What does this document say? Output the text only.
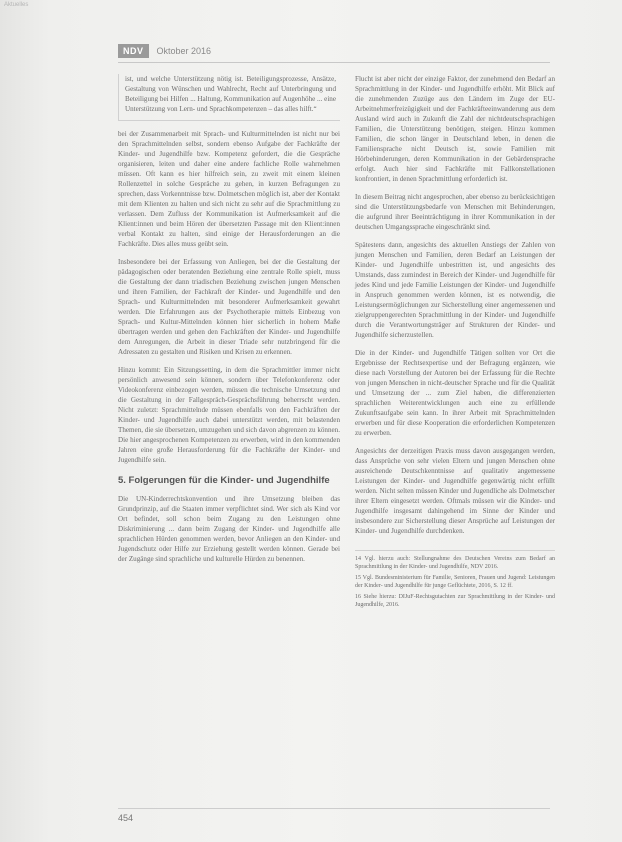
Aktuelles
NDV	Oktober 2016

ist, und welche Unterstützung nötig ist. Beteiligungsprozesse, Ansätze, Gestaltung von Wünschen und Wahlrecht, Recht auf Unterbringung und Beteiligung bei Hilfen ... Haltung, Kommunikation auf Augenhöhe ... eine Unterstützung von Lern- und Sprachkompetenzen – das alles hilft.“

bei der Zusammenarbeit mit Sprach- und Kulturmittelnden ist nicht nur bei den Sprachmittelnden selbst, sondern ebenso Aufgabe der Fachkräfte der Kinder- und Jugendhilfe bzw. Kompetenz gefordert, die die Gespräche organisieren, leiten und daher eine andere fachliche Rolle wahrnehmen müssen. Oft kann es hier hilfreich sein, zu zweit mit einem kleinen Rollenzettel in solche Gespräche zu gehen, in kurzen Befragungen zu sprechen, dass Vorkenntnisse bzw. Dolmetschen möglich ist, aber der Kontakt mit dem Klienten zu halten und sich nicht zu sehr auf die Sprachmittlung zu verlassen. Dem Zufluss der Kommunikation ist Aufmerksamkeit auf die Klient:innen und beim Hören der übersetzten Passage mit den Klient:innen verbal Kontakt zu halten, sind einige der Herausforderungen an die Fachkräfte. Dies alles muss geübt sein.

Insbesondere bei der Erfassung von Anliegen, bei der die Gestaltung der pädagogischen oder beratenden Beziehung eine zentrale Rolle spielt, muss die Gestaltung der dann triadischen Beziehung zwischen jungen Menschen und ihren Familien, der Fachkraft der Kinder- und Jugendhilfe und den Sprach- und Kulturmittelnden mit besonderer Aufmerksamkeit gewahrt werden. Die Erfahrungen aus der Psychotherapie mittels Einbezug von Sprach- und Kultur-Mittelnden können hier sicherlich in hohem Maße übertragen werden und gehen den Fachkräften der Kinder- und Jugendhilfe dem Anregungen, die Arbeit in dieser Triade sehr nutzbringend für die Adressaten zu gestalten und Risiken und Krisen zu erkennen.

Hinzu kommt: Ein Sitzungssetting, in dem die Sprachmittler immer nicht persönlich anwesend sein können, sondern über Telefonkonferenz oder Videokonferenz einbezogen werden, müssen die technische Umsetzung und die Gestaltung in der Fallgespräch-Gesprächsführung beherrscht werden. Nicht zuletzt: Sprachmittelnde müssen ebenfalls von den Fachkräften der Kinder- und Jugendhilfe auch dabei unterstützt werden, mit belastenden Themen, die sie übersetzen, umzugehen und sich davon abgrenzen zu können. Die hier angesprochenen Kompetenzen zu erwerben, wird in den kommenden Jahren eine große Herausforderung für die Fachkräfte der Kinder- und Jugendhilfe sein.

5. Folgerungen für die Kinder- und Jugendhilfe

Die UN-Kinderrechtskonvention und ihre Umsetzung bleiben das Grundprinzip, auf die Staaten immer verpflichtet sind. Wer sich als Kind vor Ort befindet, soll schon beim Zugang zu den Leistungen ohne Diskriminierung ... dann beim Zugang der Kinder- und Jugendhilfe alle sprachlichen Hürden genommen werden, bevor Anliegen an den Kinder- und Jugendschutz oder Hilfe zur Erziehung gestellt werden können. Gerade bei der Zugänge sind sprachliche und kulturelle Hürden zu benennen.

Flucht ist aber nicht der einzige Faktor, der zunehmend den Bedarf an Sprachmittlung in der Kinder- und Jugendhilfe erhöht. Mit Blick auf die zunehmenden Zuzüge aus den Ländern im Zuge der EU-Arbeitnehmerfreizügigkeit und der Fachkräfteeinwanderung aus dem Ausland wird auch in Zukunft die Zahl der nichtdeutschsprachigen Familien, die Unterstützung benötigen, steigen. Hinzu kommen Familien, die schon länger in Deutschland leben, in denen die Familiensprache nicht Deutsch ist, sowie Familien mit Hörbehinderungen, deren Kommunikation in der Gebärdensprache erfolgt. Auch hier sind Fachkräfte mit Fallkonstellationen konfrontiert, in denen Sprachmittlung erforderlich ist.

In diesem Beitrag nicht angesprochen, aber ebenso zu berücksichtigen sind die Unterstützungsbedarfe von Menschen mit Behinderungen, die aufgrund ihrer Beeinträchtigung in ihrer Kommunikation in der deutschen Umgangssprache eingeschränkt sind.

Spätestens dann, angesichts des aktuellen Anstiegs der Zahlen von jungen Menschen und Familien, deren Bedarf an Leistungen der Kinder- und Jugendhilfe unbestritten ist, und angesichts des Umstands, dass zumindest in Bereich der Kinder- und Jugendhilfe für jedes Kind und jede Familie Leistungen der Kinder- und Jugendhilfe in Anspruch genommen werden können, ist es notwendig, die Leistungsermöglichungen zur Sicherstellung einer angemessenen und zielgruppengerechten Sprachmittlung in der Kinder- und Jugendhilfe durch die Verantwortungsträger auf Strukturen der Kinder- und Jugendhilfe sicherzustellen.

Die in der Kinder- und Jugendhilfe Tätigen sollten vor Ort die Ergebnisse der Rechtsexpertise und der Befragung ergänzen, wie diese nach Vorstellung der Autoren bei der Erfassung für die Rechte von jungen Menschen in nicht-deutscher Sprache und für die Qualität und Umsetzung der ... zum Ziel haben, die differenzierten sprachlichen Weiterentwicklungen auch eine zu erfüllende Zukunftsaufgabe sein kann. In ihrer Arbeit mit Sprachmittelnden erwerben und für diese Kooperation die erforderlichen Kompetenzen zu erwerben.

Angesichts der derzeitigen Praxis muss davon ausgegangen werden, dass Ansprüche von sehr vielen Eltern und jungen Menschen ohne ausreichende Deutschkenntnisse auf qualitativ angemessene Leistungen der Kinder- und Jugendhilfe gegenwärtig nicht erfüllt werden. Nicht selten müssen Kinder und Jugendliche als Dolmetscher ihrer Eltern eingesetzt werden. Oftmals müssen wir die Kinder- und Jugendhilfe insgesamt dahingehend im Sinne der Kinder und insbesondere zur Sicherstellung dieser Ansprüche auf Leistungen der Kinder- und Jugendhilfe durchdenken.

14 Vgl. hierzu auch: Stellungnahme des Deutschen Vereins zum Bedarf an Sprachmittlung in der Kinder- und Jugendhilfe, NDV 2016.
15 Vgl. Bundesministerium für Familie, Senioren, Frauen und Jugend: Leistungen der Kinder- und Jugendhilfe für junge Geflüchtete, 2016, S. 12 ff.
16 Siehe hierzu: DIJuF-Rechtsgutachten zur Sprachmittlung in der Kinder- und Jugendhilfe, 2016.
454
